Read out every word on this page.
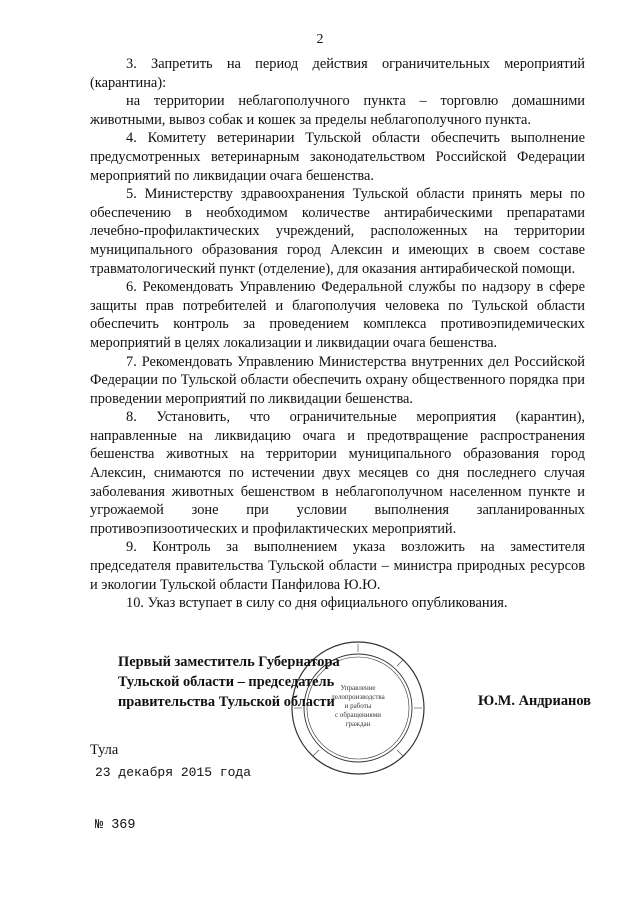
2

3. Запретить на период действия ограничительных мероприятий (карантина):

на территории неблагополучного пункта – торговлю домашними животными, вывоз собак и кошек за пределы неблагополучного пункта.

4. Комитету ветеринарии Тульской области обеспечить выполнение предусмотренных ветеринарным законодательством Российской Федерации мероприятий по ликвидации очага бешенства.

5. Министерству здравоохранения Тульской области принять меры по обеспечению в необходимом количестве антирабическими препаратами лечебно-профилактических учреждений, расположенных на территории муниципального образования город Алексин и имеющих в своем составе травматологический пункт (отделение), для оказания антирабической помощи.

6. Рекомендовать Управлению Федеральной службы по надзору в сфере защиты прав потребителей и благополучия человека по Тульской области обеспечить контроль за проведением комплекса противоэпидемических мероприятий в целях локализации и ликвидации очага бешенства.

7. Рекомендовать Управлению Министерства внутренних дел Российской Федерации по Тульской области обеспечить охрану общественного порядка при проведении мероприятий по ликвидации бешенства.

8. Установить, что ограничительные мероприятия (карантин), направленные на ликвидацию очага и предотвращение распространения бешенства животных на территории муниципального образования город Алексин, снимаются по истечении двух месяцев со дня последнего случая заболевания животных бешенством в неблагополучном населенном пункте и угрожаемой зоне при условии выполнения запланированных противоэпизоотических и профилактических мероприятий.

9. Контроль за выполнением указа возложить на заместителя председателя правительства Тульской области – министра природных ресурсов и экологии Тульской области Панфилова Ю.Ю.

10. Указ вступает в силу со дня официального опубликования.

Управление
делопроизводства
и работы
с обращениями
граждан
Первый заместитель Губернатора
Тульской области – председатель
правительства Тульской области	Ю.М. Андрианов
Тула
23 декабря 2015 года
№ 369
